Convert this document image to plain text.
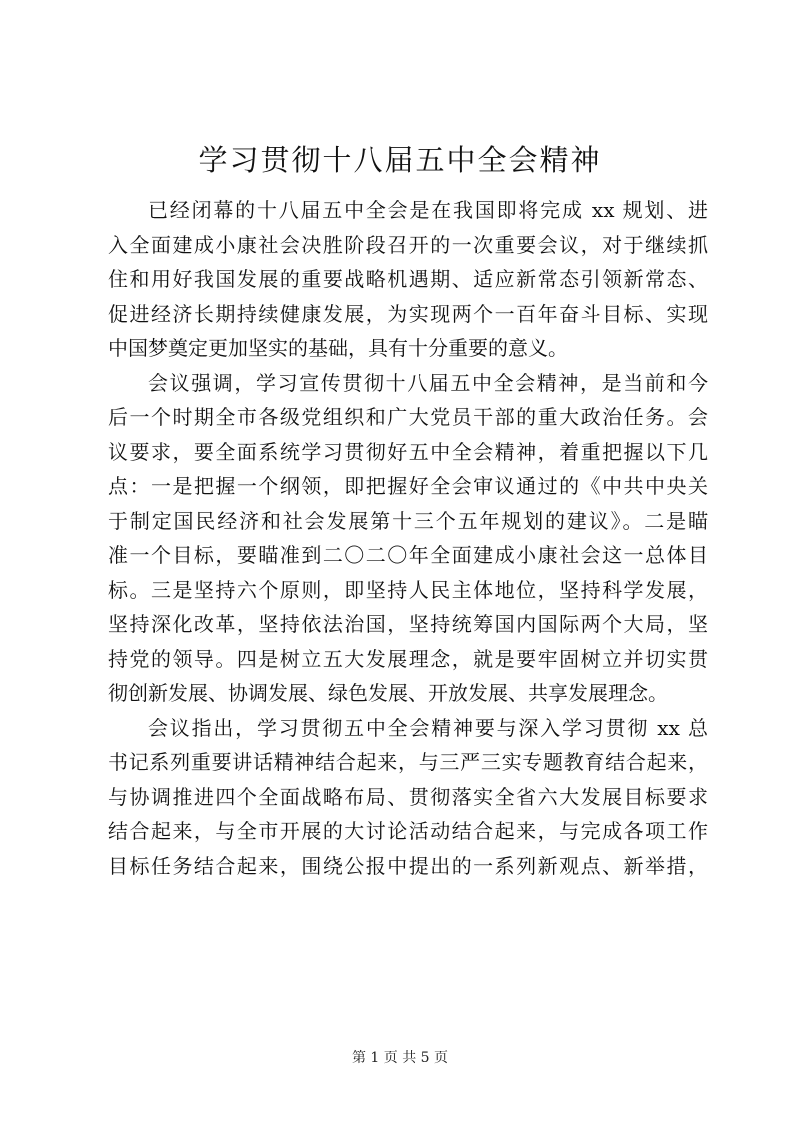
学习贯彻十八届五中全会精神
已经闭幕的十八届五中全会是在我国即将完成 xx 规划、进
入全面建成小康社会决胜阶段召开的一次重要会议，对于继续抓
住和用好我国发展的重要战略机遇期、适应新常态引领新常态、
促进经济长期持续健康发展，为实现两个一百年奋斗目标、实现
中国梦奠定更加坚实的基础，具有十分重要的意义。
会议强调，学习宣传贯彻十八届五中全会精神，是当前和今
后一个时期全市各级党组织和广大党员干部的重大政治任务。会
议要求，要全面系统学习贯彻好五中全会精神，着重把握以下几
点：一是把握一个纲领，即把握好全会审议通过的《中共中央关
于制定国民经济和社会发展第十三个五年规划的建议》。二是瞄
准一个目标，要瞄准到二〇二〇年全面建成小康社会这一总体目
标。三是坚持六个原则，即坚持人民主体地位，坚持科学发展，
坚持深化改革，坚持依法治国，坚持统筹国内国际两个大局，坚
持党的领导。四是树立五大发展理念，就是要牢固树立并切实贯
彻创新发展、协调发展、绿色发展、开放发展、共享发展理念。
会议指出，学习贯彻五中全会精神要与深入学习贯彻 xx 总
书记系列重要讲话精神结合起来，与三严三实专题教育结合起来，
与协调推进四个全面战略布局、贯彻落实全省六大发展目标要求
结合起来，与全市开展的大讨论活动结合起来，与完成各项工作
目标任务结合起来，围绕公报中提出的一系列新观点、新举措，
第 1 页 共 5 页
